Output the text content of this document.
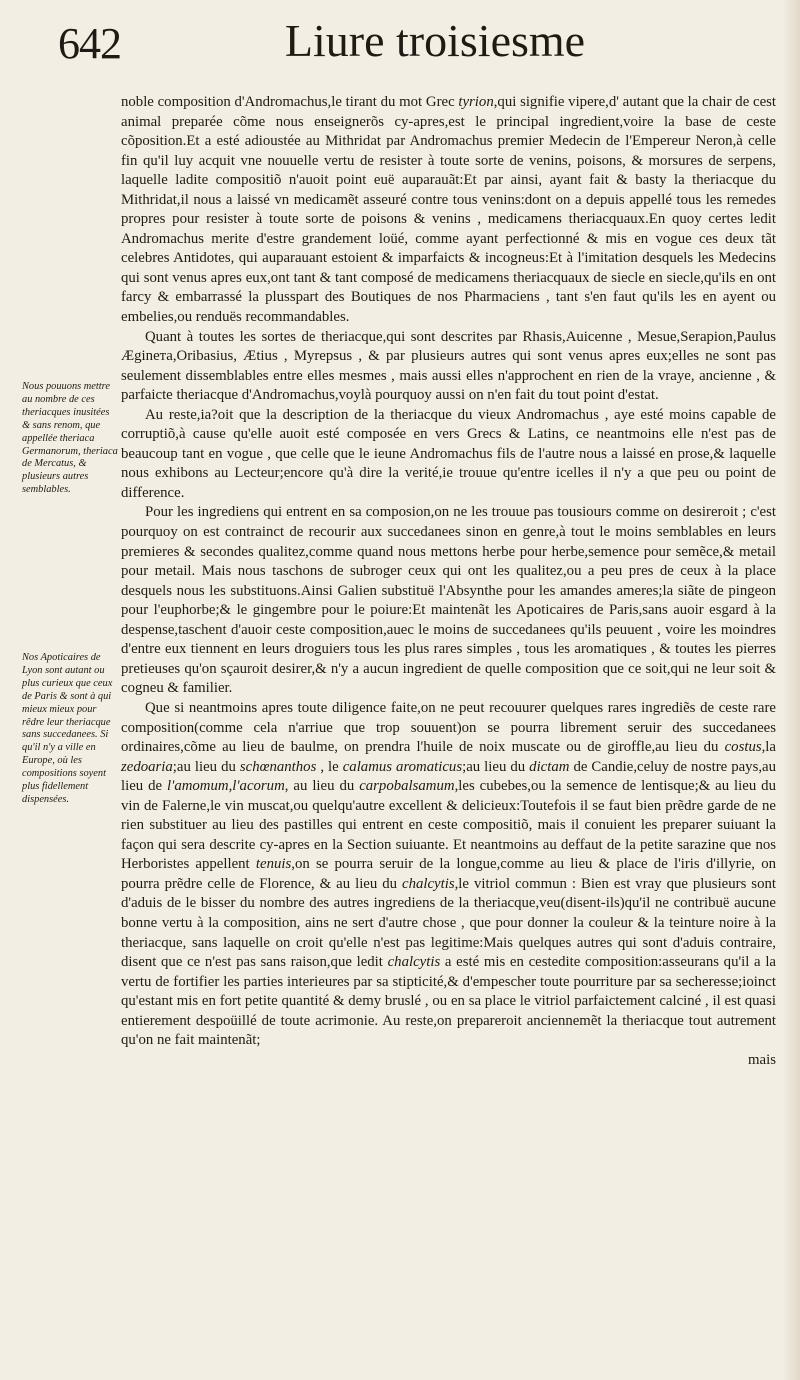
642	Liure troisiesme
Nous pouuons mettre au nombre de ces theriacques inusitées & sans renom, que appellée theriaca Germanorum, theriaca de Mercatus, & plusieurs autres semblables.
Nos Apoticaires de Lyon sont autant ou plus curieux que ceux de Paris & sont à qui mieux mieux pour rêdre leur theriacque sans succedanees. Si qu'il n'y a ville en Europe, où les compositions soyent plus fidellement dispensées.

noble composition d'Andromachus,le tirant du mot Grec tyrion,qui signifie vipere,d' autant que la chair de cest animal preparée cõme nous enseignerõs cy-apres,est le principal ingredient,voire la base de ceste cõposition.Et a esté adioustée au Mithridat par Andromachus premier Medecin de l'Empereur Neron,à celle fin qu'il luy acquit vne nouuelle vertu de resister à toute sorte de venins, poisons, & morsures de serpens, laquelle ladite compositiõ n'auoit point euë auparauãt:Et par ainsi, ayant fait & basty la theriacque du Mithridat,il nous a laissé vn medicamẽt asseuré contre tous venins:dont on a depuis appellé tous les remedes propres pour resister à toute sorte de poisons & venins , medicamens theriacquaux.En quoy certes ledit Andromachus merite d'estre grandement loüé, comme ayant perfectionné & mis en vogue ces deux tãt celebres Antidotes, qui auparauant estoient & imparfaicts & incogneus:Et à l'imitation desquels les Medecins qui sont venus apres eux,ont tant & tant composé de medicamens theriacquaux de siecle en siecle,qu'ils en ont farcy & embarrassé la plusspart des Boutiques de nos Pharmaciens , tant s'en faut qu'ils les en ayent ou embelies,ou renduës recommandables.

Quant à toutes les sortes de theriacque,qui sont descrites par Rhasis,Auicenne , Mesue,Serapion,Paulus Æginета,Oribasius, Ætius , Myrepsus , & par plusieurs autres qui sont venus apres eux;elles ne sont pas seulement dissemblables entre elles mesmes , mais aussi elles n'approchent en rien de la vraye, ancienne , & parfaicte theriacque d'Andromachus,voylà pourquoy aussi on n'en fait du tout point d'estat.

Au reste,ia?oit que la description de la theriacque du vieux Andromachus , aye esté moins capable de corruptiõ,à cause qu'elle auoit esté composée en vers Grecs & Latins, ce neantmoins elle n'est pas de beaucoup tant en vogue , que celle que le ieune Andromachus fils de l'autre nous a laissé en prose,& laquelle nous exhibons au Lecteur;encore qu'à dire la verité,ie trouue qu'entre icelles il n'y a que peu ou point de difference.

Pour les ingrediens qui entrent en sa composion,on ne les trouue pas tousiours comme on desireroit ; c'est pourquoy on est contrainct de recourir aux succedanees sinon en genre,à tout le moins semblables en leurs premieres & secondes qualitez,comme quand nous mettons herbe pour herbe,semence pour semẽce,& metail pour metail. Mais nous taschons de subroger ceux qui ont les qualitez,ou a peu pres de ceux à la place desquels nous les substituons.Ainsi Galien substituë l'Absynthe pour les amandes ameres;la siãte de pingeon pour l'euphorbe;& le gingembre pour le poiure:Et maintenãt les Apoticaires de Paris,sans auoir esgard à la despense,taschent d'auoir ceste composition,auec le moins de succedanees qu'ils peuuent , voire les moindres d'entre eux tiennent en leurs droguiers tous les plus rares simples , tous les aromatiques , & toutes les pierres pretieuses qu'on sçauroit desirer,& n'y a aucun ingredient de quelle composition que ce soit,qui ne leur soit & cogneu & familier.

Que si neantmoins apres toute diligence faite,on ne peut recouurer quelques rares ingrediẽs de ceste rare composition(comme cela n'arriue que trop souuent)on se pourra librement seruir des succedanees ordinaires,cõme au lieu de baulme, on prendra l'huile de noix muscate ou de giroffle,au lieu du costus,la zedoaria;au lieu du schœnanthos , le calamus aromaticus;au lieu du dictam de Candie,celuy de nostre pays,au lieu de l'amomum,l'acorum, au lieu du carpobalsamum,les cubebes,ou la semence de lentisque;& au lieu du vin de Falerne,le vin muscat,ou quelqu'autre excellent & delicieux:Toutefois il se faut bien prẽdre garde de ne rien substituer au lieu des pastilles qui entrent en ceste compositiõ, mais il conuient les preparer suiuant la façon qui sera descrite cy-apres en la Section suiuante. Et neantmoins au deffaut de la petite sarazine que nos Herboristes appellent tenuis,on se pourra seruir de la longue,comme au lieu & place de l'iris d'illyrie, on pourra prẽdre celle de Florence, & au lieu du chalcytis,le vitriol commun : Bien est vray que plusieurs sont d'aduis de le bisser du nombre des autres ingrediens de la theriacque,veu(disent-ils)qu'il ne contribuë aucune bonne vertu à la composition, ains ne sert d'autre chose , que pour donner la couleur & la teinture noire à la theriacque, sans laquelle on croit qu'elle n'est pas legitime:Mais quelques autres qui sont d'aduis contraire, disent que ce n'est pas sans raison,que ledit chalcytis a esté mis en cestedite composition:asseurans qu'il a la vertu de fortifier les parties interieures par sa stipticité,& d'empescher toute pourriture par sa secheresse;ioinct qu'estant mis en fort petite quantité & demy bruslé , ou en sa place le vitriol parfaictement calciné , il est quasi entierement despoüillé de toute acrimonie. Au reste,on prepareroit anciennemẽt la theriacque tout autrement qu'on ne fait maintenãt;

mais
